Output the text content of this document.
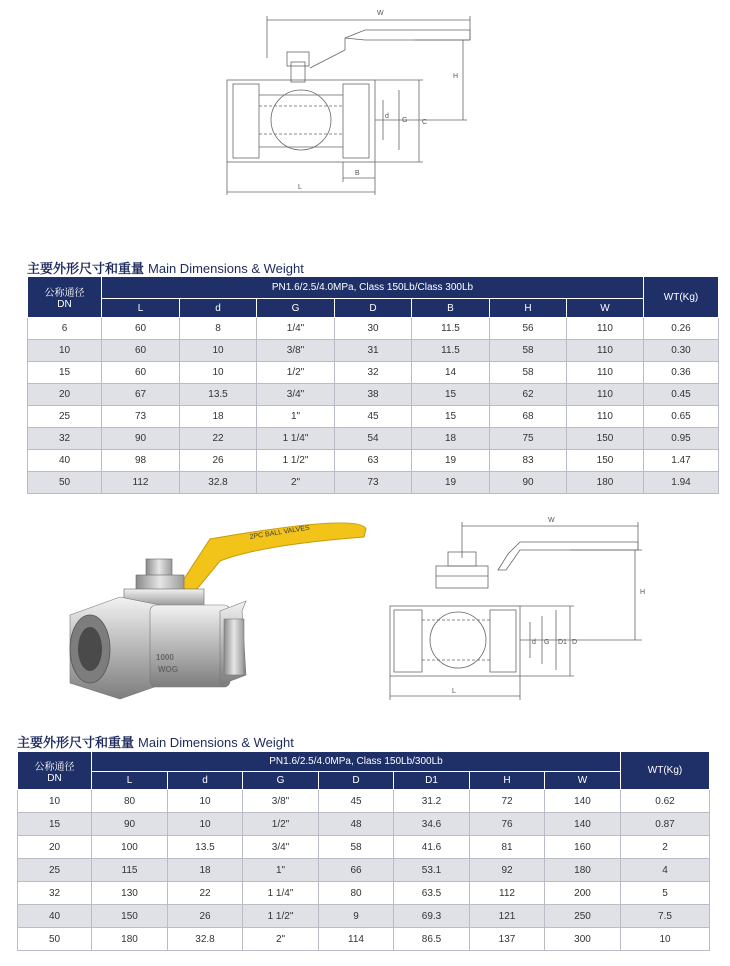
W
H
C
G
d
B
L
主要外形尺寸和重量 Main Dimensions & Weight
公称通径
DN	PN1.6/2.5/4.0MPa, Class 150Lb/Class 300Lb							WT(Kg)
	L	d	G	D	B	H	W	
6	60	8	1/4"	30	11.5	56	110	0.26
10	60	10	3/8"	31	11.5	58	110	0.30
15	60	10	1/2"	32	14	58	110	0.36
20	67	13.5	3/4"	38	15	62	110	0.45
25	73	18	1"	45	15	68	110	0.65
32	90	22	1 1/4"	54	18	75	150	0.95
40	98	26	1 1/2"	63	19	83	150	1.47
50	112	32.8	2"	73	19	90	180	1.94
2PC BALL VALVES
1000
WOG
W
H
d G D1 D
L
主要外形尺寸和重量 Main Dimensions & Weight
公称通径
DN	PN1.6/2.5/4.0MPa, Class 150Lb/300Lb							WT(Kg)
	L	d	G	D	D1	H	W	
10	80	10	3/8"	45	31.2	72	140	0.62
15	90	10	1/2"	48	34.6	76	140	0.87
20	100	13.5	3/4"	58	41.6	81	160	2
25	115	18	1"	66	53.1	92	180	4
32	130	22	1 1/4"	80	63.5	112	200	5
40	150	26	1 1/2"	9	69.3	121	250	7.5
50	180	32.8	2"	114	86.5	137	300	10
